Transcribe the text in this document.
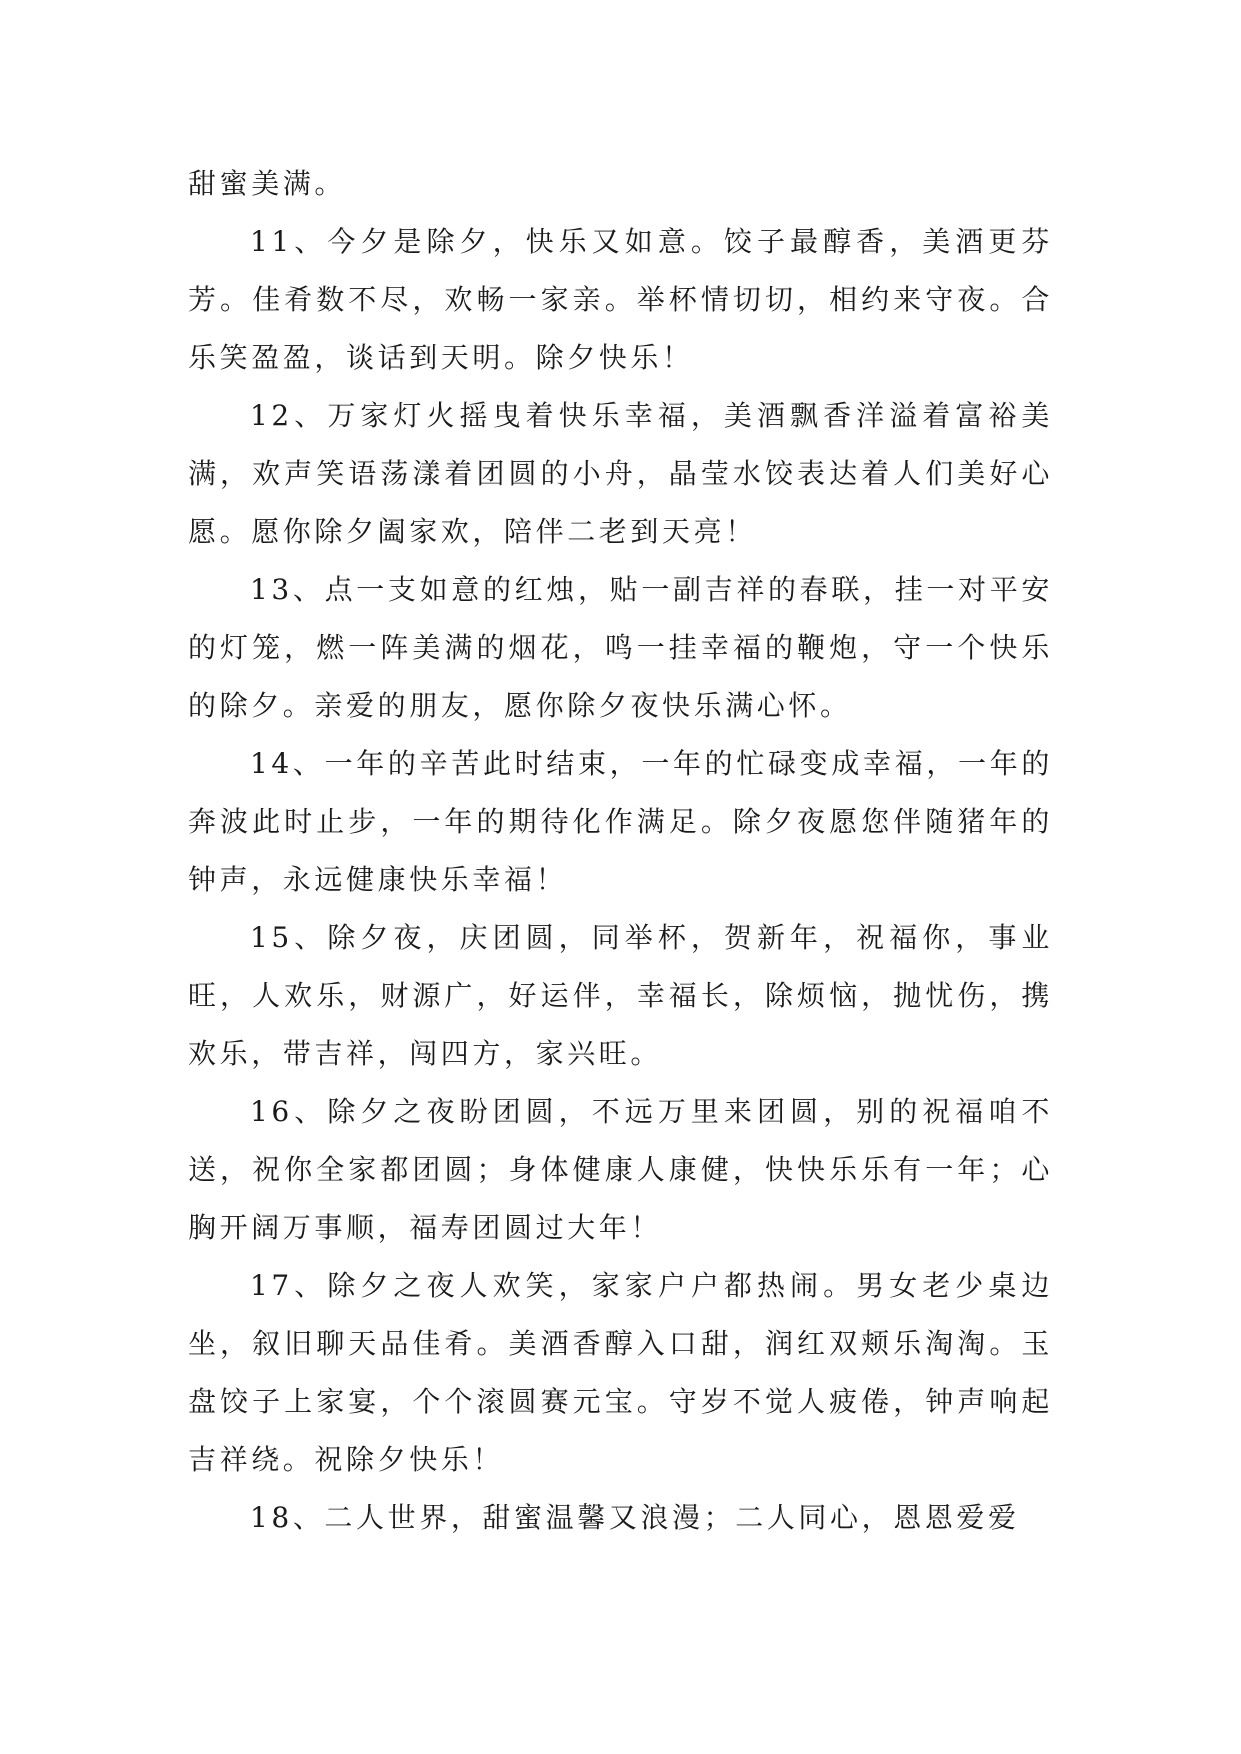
甜蜜美满。

11、今夕是除夕，快乐又如意。饺子最醇香，美酒更芬芳。佳肴数不尽，欢畅一家亲。举杯情切切，相约来守夜。合乐笑盈盈，谈话到天明。除夕快乐！

12、万家灯火摇曳着快乐幸福，美酒飘香洋溢着富裕美满，欢声笑语荡漾着团圆的小舟，晶莹水饺表达着人们美好心愿。愿你除夕阖家欢，陪伴二老到天亮！

13、点一支如意的红烛，贴一副吉祥的春联，挂一对平安的灯笼，燃一阵美满的烟花，鸣一挂幸福的鞭炮，守一个快乐的除夕。亲爱的朋友，愿你除夕夜快乐满心怀。

14、一年的辛苦此时结束，一年的忙碌变成幸福，一年的奔波此时止步，一年的期待化作满足。除夕夜愿您伴随猪年的钟声，永远健康快乐幸福！

15、除夕夜，庆团圆，同举杯，贺新年，祝福你，事业旺，人欢乐，财源广，好运伴，幸福长，除烦恼，抛忧伤，携欢乐，带吉祥，闯四方，家兴旺。

16、除夕之夜盼团圆，不远万里来团圆，别的祝福咱不送，祝你全家都团圆；身体健康人康健，快快乐乐有一年；心胸开阔万事顺，福寿团圆过大年！

17、除夕之夜人欢笑，家家户户都热闹。男女老少桌边坐，叙旧聊天品佳肴。美酒香醇入口甜，润红双颊乐淘淘。玉盘饺子上家宴，个个滚圆赛元宝。守岁不觉人疲倦，钟声响起吉祥绕。祝除夕快乐！

18、二人世界，甜蜜温馨又浪漫；二人同心，恩恩爱爱
